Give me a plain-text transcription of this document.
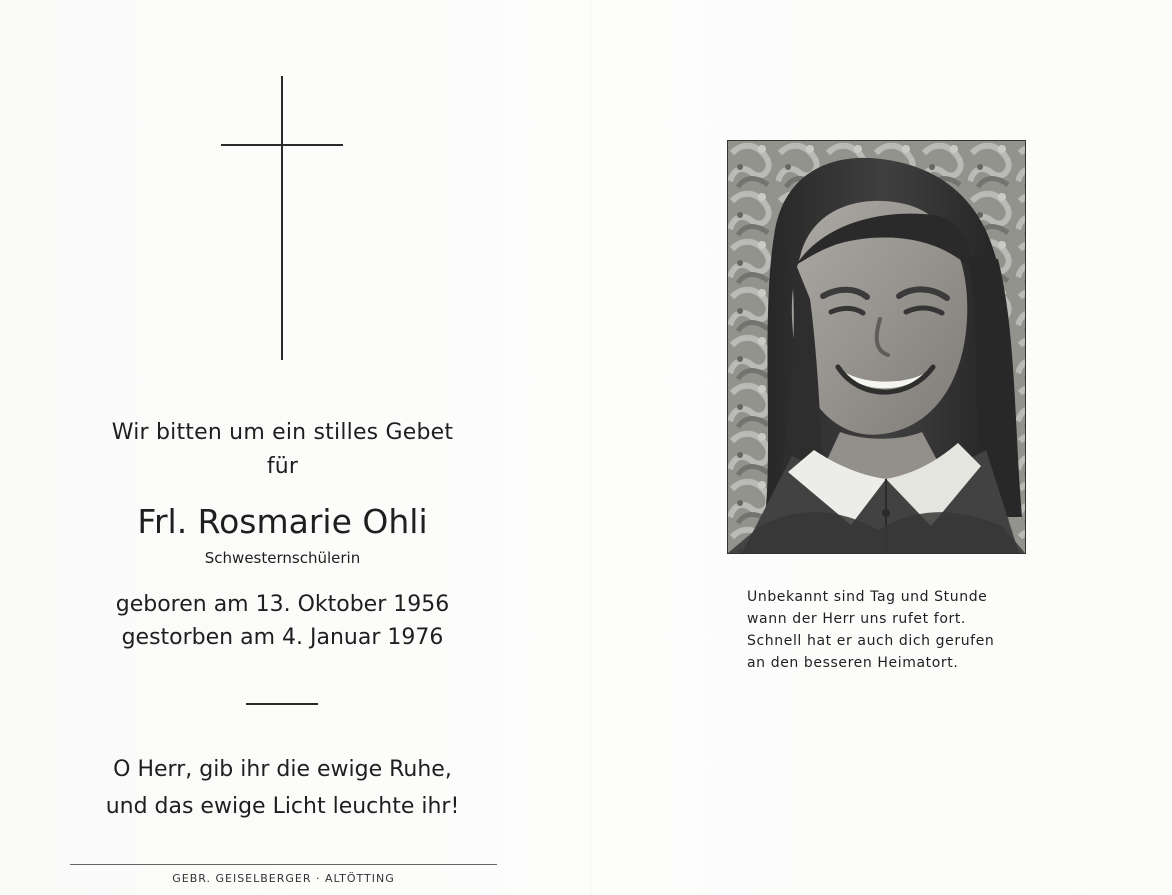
Wir bitten um ein stilles Gebet
für
Frl. Rosmarie Ohli
Schwesternschülerin
geboren am 13. Oktober 1956
gestorben am 4. Januar 1976
O Herr, gib ihr die ewige Ruhe,
und das ewige Licht leuchte ihr!
GEBR. GEISELBERGER · ALTÖTTING
Unbekannt sind Tag und Stunde
wann der Herr uns rufet fort.
Schnell hat er auch dich gerufen
an den besseren Heimatort.
